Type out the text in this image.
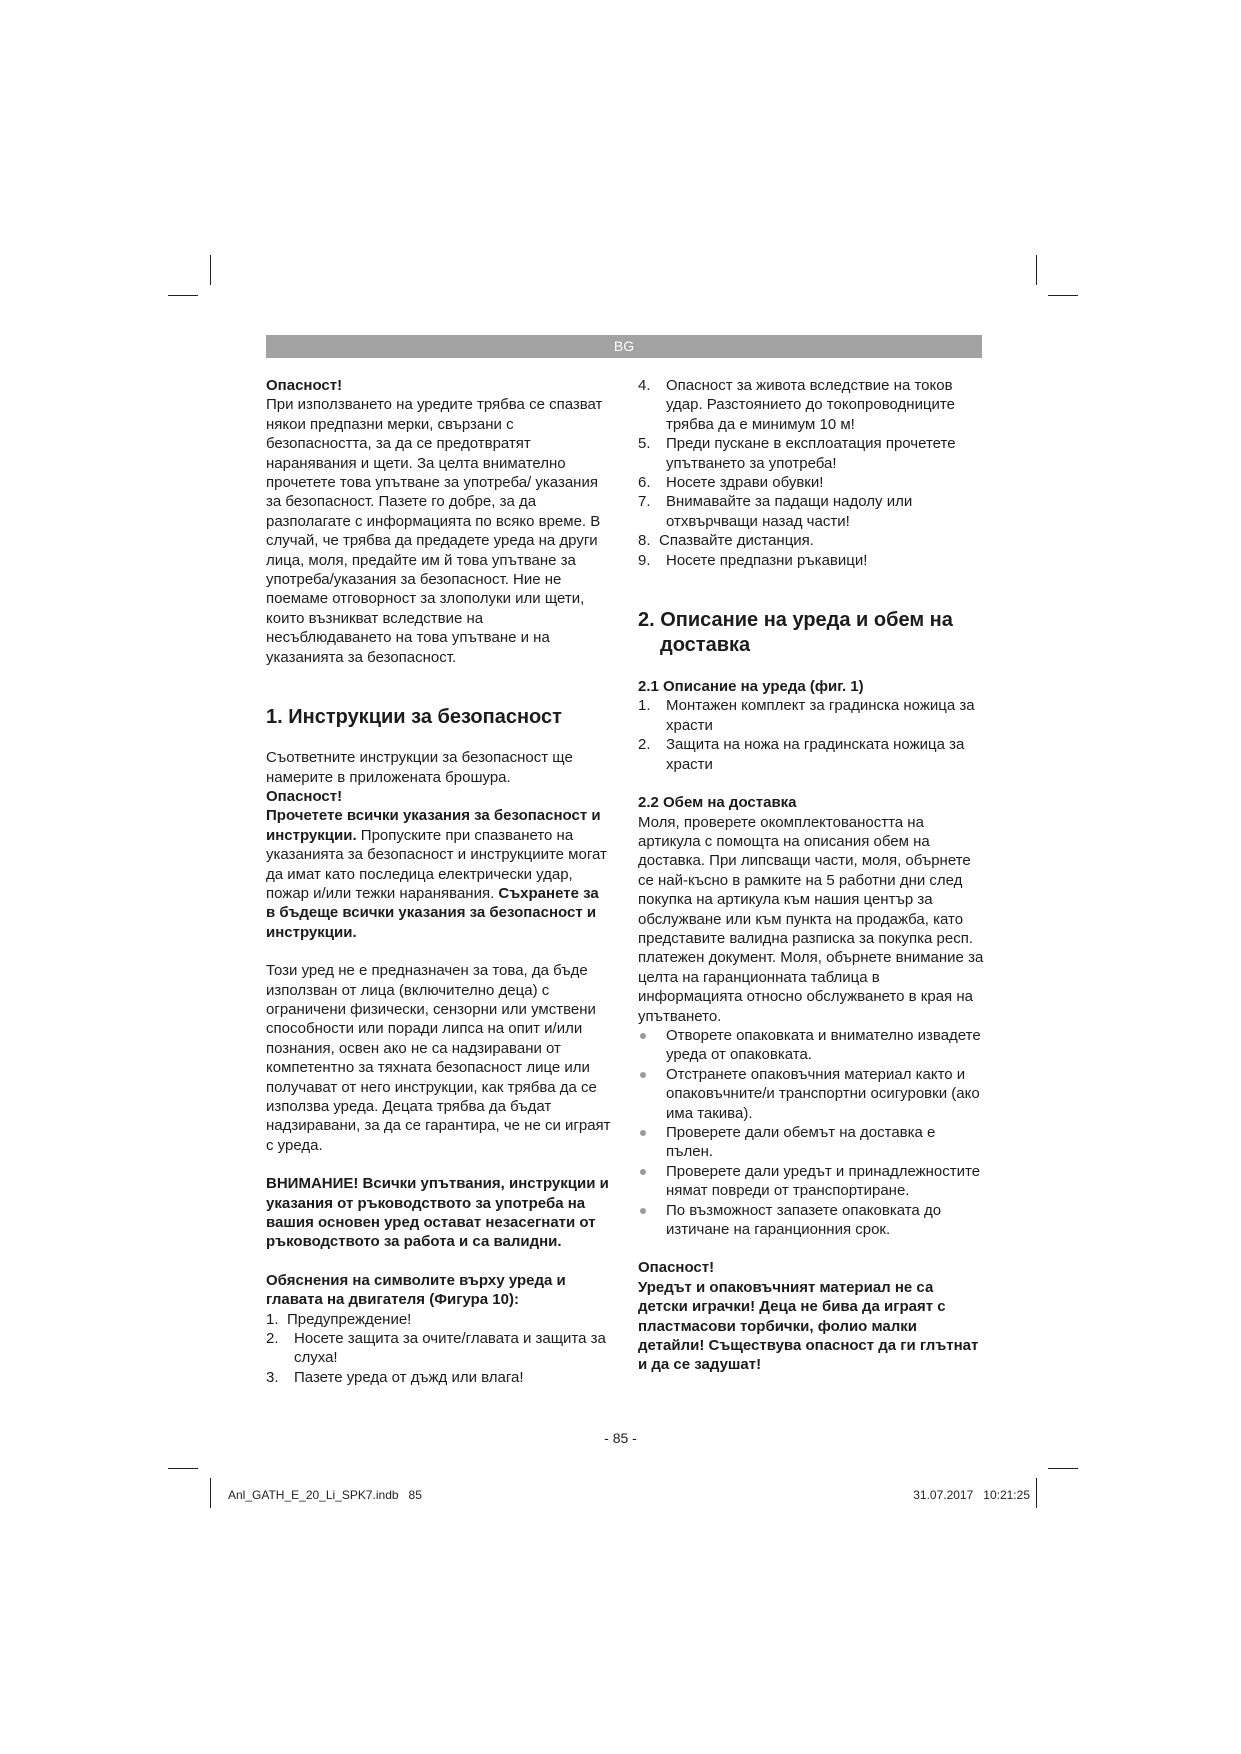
BG

Опасност!

При използването на уредите трябва се спазват някои предпазни мерки, свързани с безопасността, за да се предотвратят наранявания и щети. За целта внимателно прочетете това упътване за употреба/ указания за безопасност. Пазете го добре, за да разполагате с информацията по всяко време. В случай, че трябва да предадете уреда на други лица, моля, предайте им й това упътване за употреба/указания за безопасност. Ние не поемаме отговорност за злополуки или щети, които възникват вследствие на несъблюдаването на това упътване и на указанията за безопасност.

1. Инструкции за безопасност

Съответните инструкции за безопасност ще намерите в приложената брошура.

Опасност!

Прочетете всички указания за безопасност и инструкции. Пропуските при спазването на указанията за безопасност и инструкциите могат да имат като последица електрически удар, пожар и/или тежки наранявания. Съхранете за в бъдеще всички указания за безопасност и инструкции.

Този уред не е предназначен за това, да бъде използван от лица (включително деца) с ограничени физически, сензорни или умствени способности или поради липса на опит и/или познания, освен ако не са надзиравани от компетентно за тяхната безопасност лице или получават от него инструкции, как трябва да се използва уреда. Децата трябва да бъдат надзиравани, за да се гарантира, че не си играят с уреда.

ВНИМАНИЕ! Всички упътвания, инструкции и указания от ръководството за употреба на вашия основен уред остават незасегнати от ръководството за работа и са валидни.

Обяснения на символите върху уреда и главата на двигателя (Фигура 10):
1. Предупреждение!
2. Носете защита за очите/главата и защита за слуха!
3. Пазете уреда от дъжд или влага!
4. Опасност за живота вследствие на токов удар. Разстоянието до токопроводниците трябва да е минимум 10 м!
5. Преди пускане в експлоатация прочетете упътването за употреба!
6. Носете здрави обувки!
7. Внимавайте за падащи надолу или отхвърчващи назад части!
8. Спазвайте дистанция.
9. Носете предпазни ръкавици!

2. Описание на уреда и обем на доставка

2.1 Описание на уреда (фиг. 1)
1. Монтажен комплект за градинска ножица за храсти
2. Защита на ножа на градинската ножица за храсти
2.2 Обем на доставка

Моля, проверете окомплектоваността на артикула с помощта на описания обем на доставка. При липсващи части, моля, обърнете се най-късно в рамките на 5 работни дни след покупка на артикула към нашия център за обслужване или към пункта на продажба, като представите валидна разписка за покупка респ. платежен документ. Моля, обърнете внимание за целта на гаранционната таблица в информацията относно обслужването в края на упътването.

Отворете опаковката и внимателно извадете уреда от опаковката.
Отстранете опаковъчния материал както и опаковъчните/и транспортни осигуровки (ако има такива).
Проверете дали обемът на доставка е пълен.
Проверете дали уредът и принадлежностите нямат повреди от транспортиране.
По възможност запазете опаковката до изтичане на гаранционния срок.

Опасност!

Уредът и опаковъчният материал не са детски играчки! Деца не бива да играят с пластмасови торбички, фолио малки детайли! Съществува опасност да ги глътнат и да се задушат!

- 85 -
Anl_GATH_E_20_Li_SPK7.indb   85	31.07.2017   10:21:25
